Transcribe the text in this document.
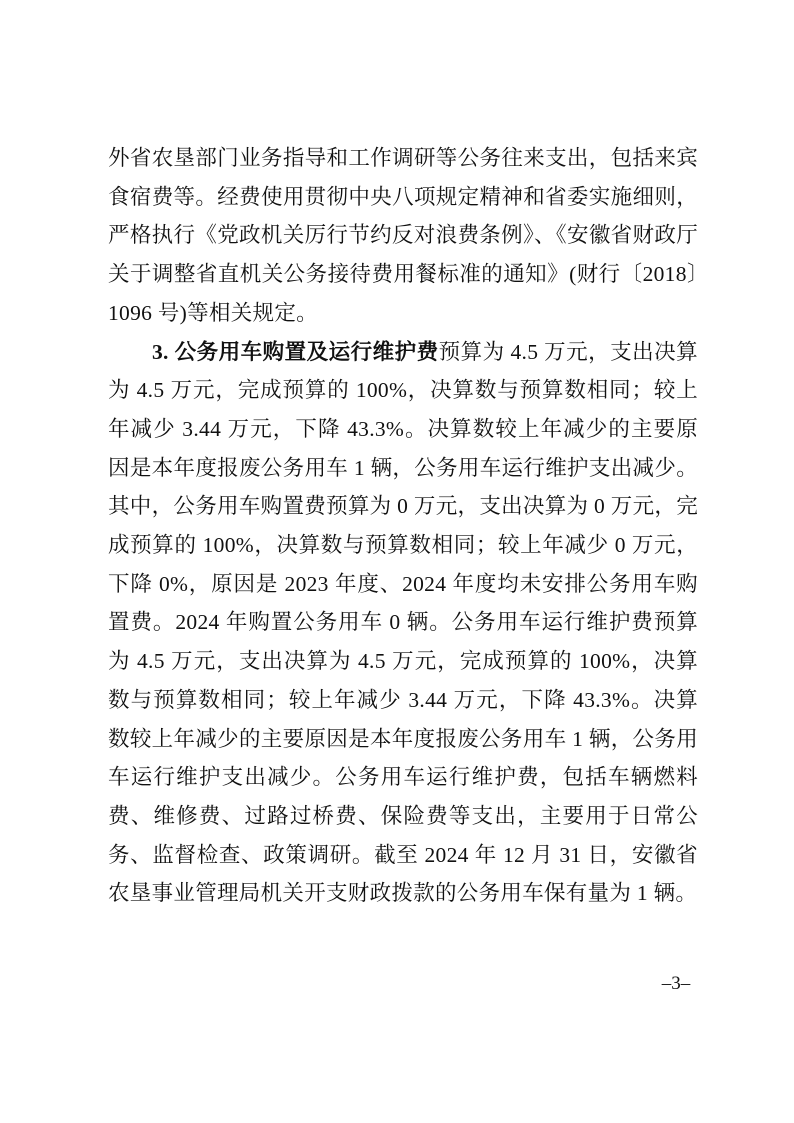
外省农垦部门业务指导和工作调研等公务往来支出，包括来宾食宿费等。经费使用贯彻中央八项规定精神和省委实施细则，严格执行《党政机关厉行节约反对浪费条例》、《安徽省财政厅关于调整省直机关公务接待费用餐标准的通知》(财行〔2018〕1096 号)等相关规定。

3. 公务用车购置及运行维护费预算为 4.5 万元，支出决算为 4.5 万元，完成预算的 100%，决算数与预算数相同；较上年减少 3.44 万元，下降 43.3%。决算数较上年减少的主要原因是本年度报废公务用车 1 辆，公务用车运行维护支出减少。其中，公务用车购置费预算为 0 万元，支出决算为 0 万元，完成预算的 100%，决算数与预算数相同；较上年减少 0 万元，下降 0%，原因是 2023 年度、2024 年度均未安排公务用车购置费。2024 年购置公务用车 0 辆。公务用车运行维护费预算为 4.5 万元，支出决算为 4.5 万元，完成预算的 100%，决算数与预算数相同；较上年减少 3.44 万元，下降 43.3%。决算数较上年减少的主要原因是本年度报废公务用车 1 辆，公务用车运行维护支出减少。公务用车运行维护费，包括车辆燃料费、维修费、过路过桥费、保险费等支出，主要用于日常公务、监督检查、政策调研。截至 2024 年 12 月 31 日，安徽省农垦事业管理局机关开支财政拨款的公务用车保有量为 1 辆。

–3–
